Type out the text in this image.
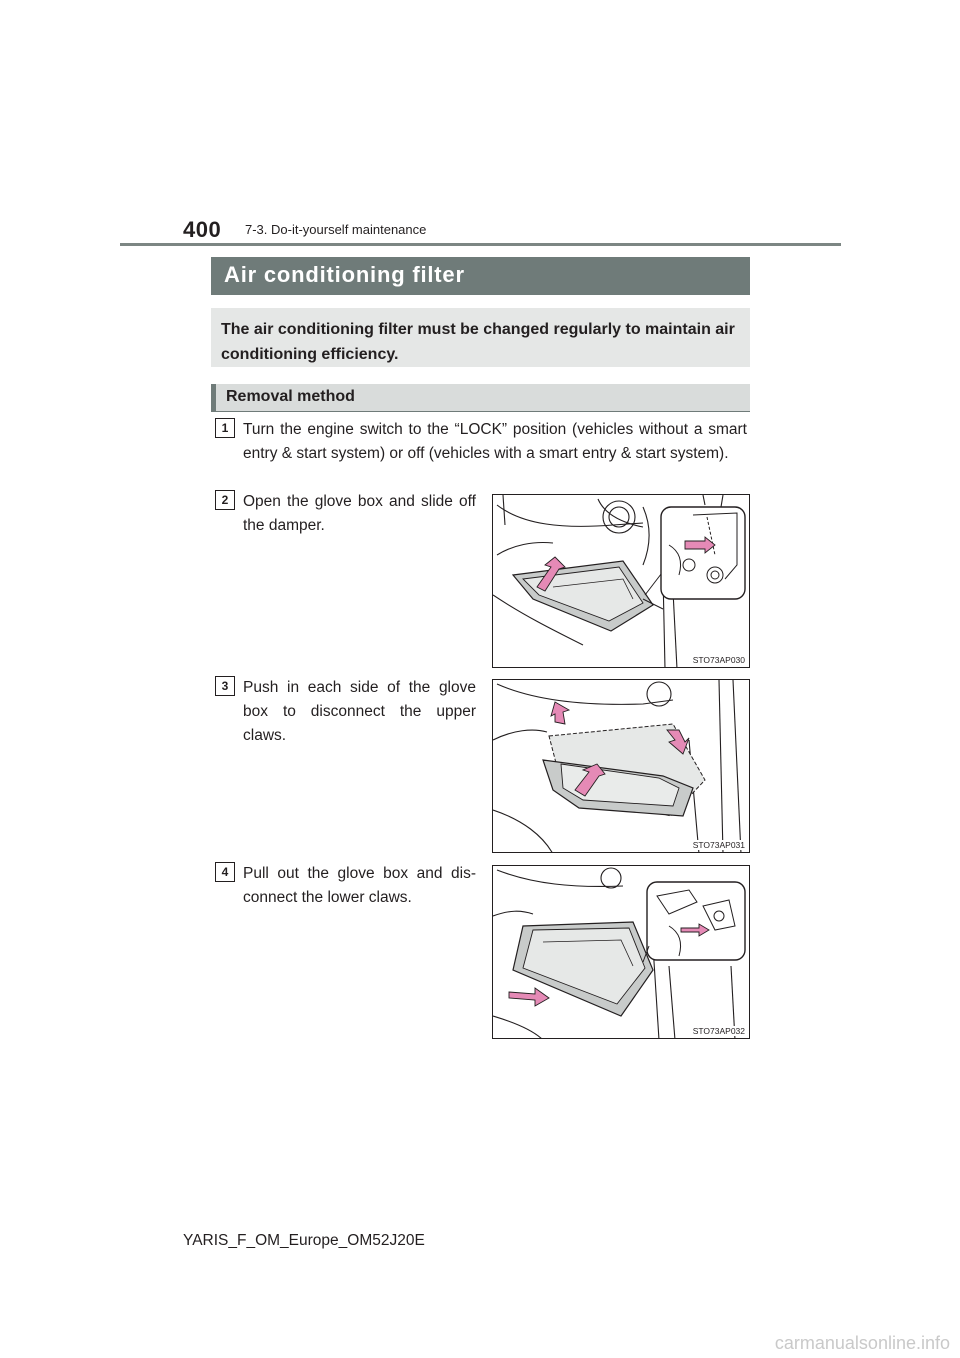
400 7-3. Do-it-yourself maintenance
Air conditioning filter
The air conditioning filter must be changed regularly to maintain air conditioning efficiency.
Removal method
1 Turn the engine switch to the “LOCK” position (vehicles without a smart entry & start system) or off (vehicles with a smart entry & start system).
2 Open the glove box and slide off the damper.
STO73AP030
3 Push in each side of the glove box to disconnect the upper claws.
STO73AP031
4 Pull out the glove box and dis-connect the lower claws.
STO73AP032
YARIS_F_OM_Europe_OM52J20E
carmanualsonline.info
